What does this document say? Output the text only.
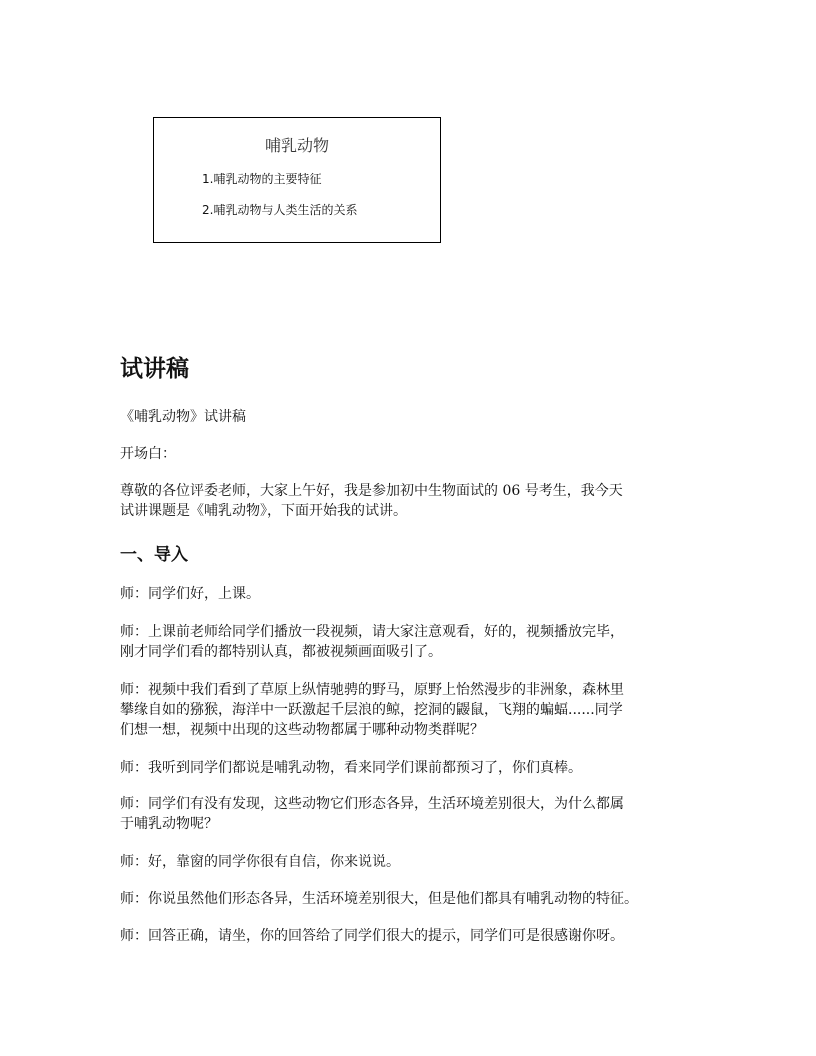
哺乳动物
1.哺乳动物的主要特征
2.哺乳动物与人类生活的关系
试讲稿

《哺乳动物》试讲稿

开场白：

尊敬的各位评委老师，大家上午好，我是参加初中生物面试的 06 号考生，我今天
试讲课题是《哺乳动物》，下面开始我的试讲。
一、导入
师：同学们好，上课。
师：上课前老师给同学们播放一段视频，请大家注意观看，好的，视频播放完毕，
刚才同学们看的都特别认真，都被视频画面吸引了。
师：视频中我们看到了草原上纵情驰骋的野马，原野上怡然漫步的非洲象，森林里
攀缘自如的猕猴，海洋中一跃激起千层浪的鲸，挖洞的鼹鼠，飞翔的蝙蝠......同学
们想一想，视频中出现的这些动物都属于哪种动物类群呢？
师：我听到同学们都说是哺乳动物，看来同学们课前都预习了，你们真棒。
师：同学们有没有发现，这些动物它们形态各异，生活环境差别很大，为什么都属
于哺乳动物呢？
师：好，靠窗的同学你很有自信，你来说说。
师：你说虽然他们形态各异，生活环境差别很大，但是他们都具有哺乳动物的特征。
师：回答正确，请坐，你的回答给了同学们很大的提示，同学们可是很感谢你呀。
